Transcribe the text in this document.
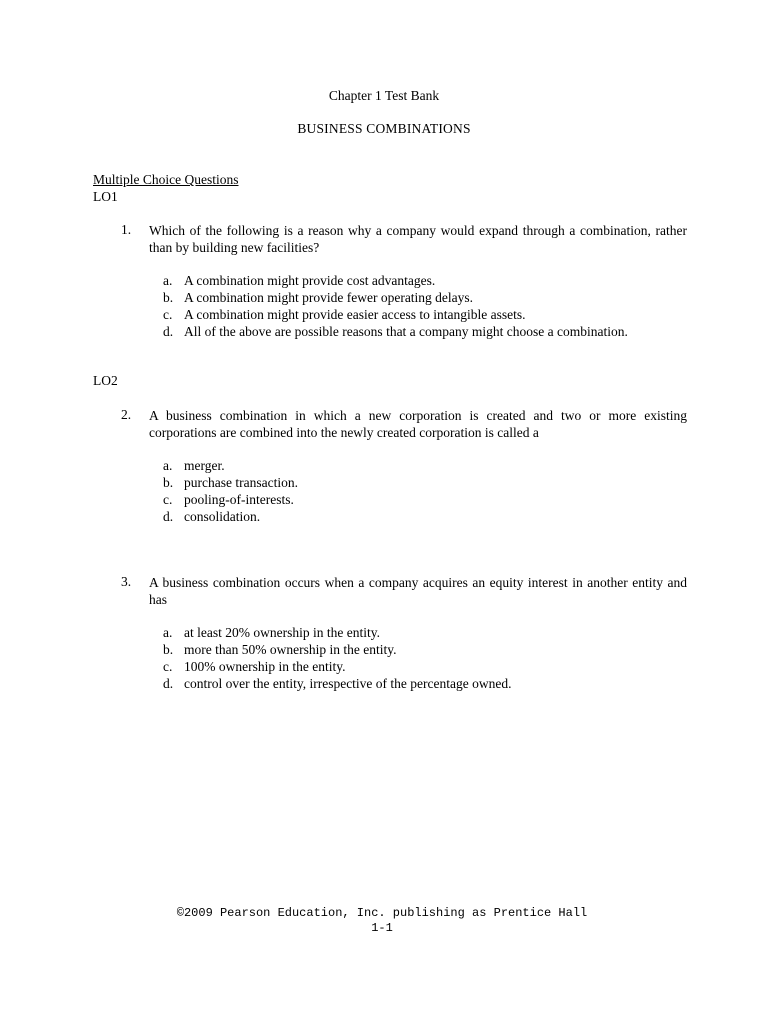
Chapter 1 Test Bank
BUSINESS COMBINATIONS
Multiple Choice Questions
LO1
1.	Which of the following is a reason why a company would expand through a combination, rather than by building new facilities?
a. A combination might provide cost advantages.
b. A combination might provide fewer operating delays.
c. A combination might provide easier access to intangible assets.
d. All of the above are possible reasons that a company might choose a combination.
LO2
2.	A business combination in which a new corporation is created and two or more existing corporations are combined into the newly created corporation is called a
a. merger.
b. purchase transaction.
c. pooling-of-interests.
d. consolidation.
3.	A business combination occurs when a company acquires an equity interest in another entity and has
a. at least 20% ownership in the entity.
b. more than 50% ownership in the entity.
c. 100% ownership in the entity.
d. control over the entity, irrespective of the percentage owned.
©2009 Pearson Education, Inc. publishing as Prentice Hall
1-1
